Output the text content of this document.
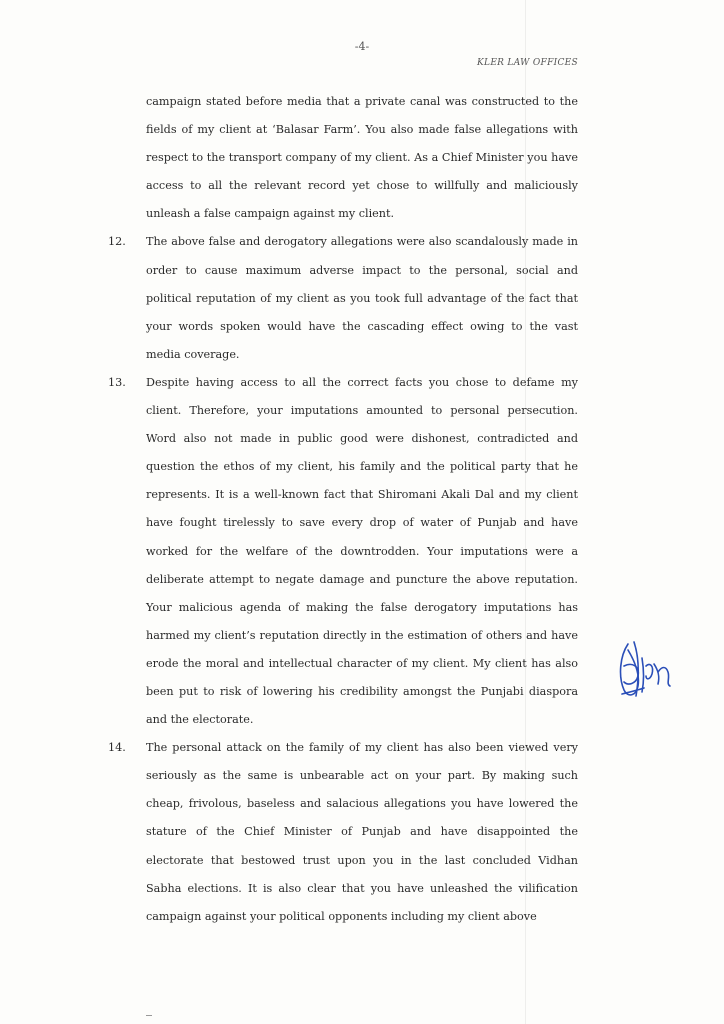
-4-
KLER LAW OFFICES
campaign stated before media that a private canal was constructed to the fields of my client at ‘Balasar Farm’. You also made false allegations with respect to the transport company of my client. As a Chief Minister you have access to all the relevant record yet chose to willfully and maliciously unleash a false campaign against my client.
12.	The above false and derogatory allegations were also scandalously made in order to cause maximum adverse impact to the personal, social and political reputation of my client as you took full advantage of the fact that your words spoken would have the cascading effect owing to the vast media coverage.
13.	Despite having access to all the correct facts you chose to defame my client. Therefore, your imputations amounted to personal persecution. Word also not made in public good were dishonest, contradicted and question the ethos of my client, his family and the political party that he represents. It is a well-known fact that Shiromani Akali Dal and my client have fought tirelessly to save every drop of water of Punjab and have worked for the welfare of the downtrodden. Your imputations were a deliberate attempt to negate damage and puncture the above reputation. Your malicious agenda of making the false derogatory imputations has harmed my client’s reputation directly in the estimation of others and have erode the moral and intellectual character of my client. My client has also been put to risk of lowering his credibility amongst the Punjabi diaspora and the electorate.
14.	The personal attack on the family of my client has also been viewed very seriously as the same is unbearable act on your part. By making such cheap, frivolous, baseless and salacious allegations you have lowered the stature of the Chief Minister of Punjab and have disappointed the electorate that bestowed trust upon you in the last concluded Vidhan Sabha elections. It is also clear that you have unleashed the vilification campaign against your political opponents including my client above
